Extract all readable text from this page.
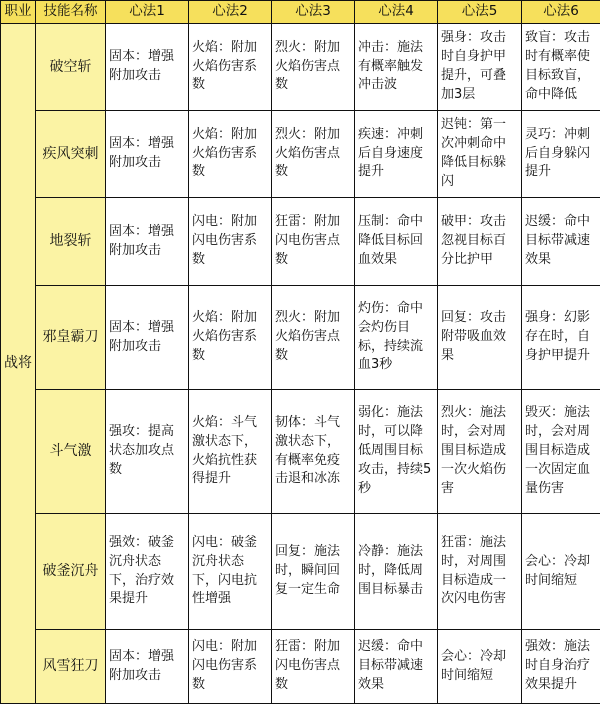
职业	技能名称	心法1	心法2	心法3	心法4	心法5	心法6
战将	破空斩	固本：增强附加攻击	火焰：附加火焰伤害系数	烈火：附加火焰伤害点数	冲击：施法有概率触发冲击波	强身：攻击时自身护甲提升，可叠加3层	致盲：攻击时有概率使目标致盲，命中降低
	疾风突刺	固本：增强附加攻击	火焰：附加火焰伤害系数	烈火：附加火焰伤害点数	疾速：冲刺后自身速度提升	迟钝：第一次冲刺命中降低目标躲闪	灵巧：冲刺后自身躲闪提升
	地裂斩	固本：增强附加攻击	闪电：附加闪电伤害系数	狂雷：附加闪电伤害点数	压制：命中降低目标回血效果	破甲：攻击忽视目标百分比护甲	迟缓：命中目标带减速效果
	邪皇霸刀	固本：增强附加攻击	火焰：附加火焰伤害系数	烈火：附加火焰伤害点数	灼伤：命中会灼伤目标，持续流血3秒	回复：攻击附带吸血效果	强身：幻影存在时，自身护甲提升
	斗气激	强攻：提高状态加攻点数	火焰：斗气激状态下，火焰抗性获得提升	韧体：斗气激状态下，有概率免疫击退和冰冻	弱化：施法时，可以降低周围目标攻击，持续5秒	烈火：施法时，会对周围目标造成一次火焰伤害	毁灭：施法时，会对周围目标造成一次固定血量伤害
	破釜沉舟	强效：破釜沉舟状态下，治疗效果提升	闪电：破釜沉舟状态下，闪电抗性增强	回复：施法时，瞬间回复一定生命	冷静：施法时，降低周围目标暴击	狂雷：施法时，对周围目标造成一次闪电伤害	会心：冷却时间缩短
	风雪狂刀	固本：增强附加攻击	闪电：附加闪电伤害系数	狂雷：附加闪电伤害点数	迟缓：命中目标带减速效果	会心：冷却时间缩短	强效：施法时自身治疗效果提升
